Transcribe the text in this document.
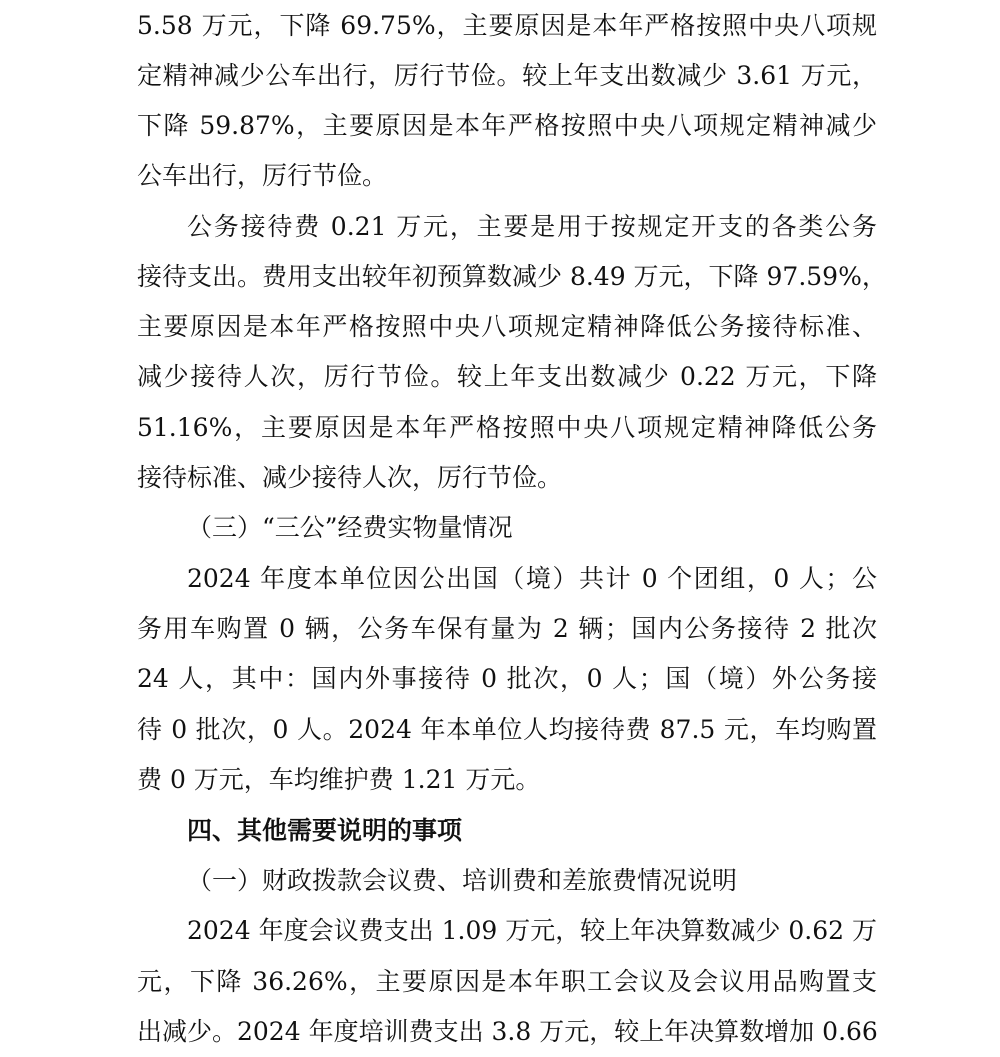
5.58 万元，下降 69.75%，主要原因是本年严格按照中央八项规
定精神减少公车出行，厉行节俭。较上年支出数减少 3.61 万元，
下降 59.87%，主要原因是本年严格按照中央八项规定精神减少
公车出行，厉行节俭。
公务接待费 0.21 万元，主要是用于按规定开支的各类公务
接待支出。费用支出较年初预算数减少 8.49 万元，下降 97.59%，
主要原因是本年严格按照中央八项规定精神降低公务接待标准、
减少接待人次，厉行节俭。较上年支出数减少 0.22 万元，下降
51.16%，主要原因是本年严格按照中央八项规定精神降低公务
接待标准、减少接待人次，厉行节俭。
（三）“三公”经费实物量情况
2024 年度本单位因公出国（境）共计 0 个团组，0 人；公
务用车购置 0 辆，公务车保有量为 2 辆；国内公务接待 2 批次
24 人，其中：国内外事接待 0 批次，0 人；国（境）外公务接
待 0 批次，0 人。2024 年本单位人均接待费 87.5 元，车均购置
费 0 万元，车均维护费 1.21 万元。
四、其他需要说明的事项
（一）财政拨款会议费、培训费和差旅费情况说明
2024 年度会议费支出 1.09 万元，较上年决算数减少 0.62 万
元，下降 36.26%，主要原因是本年职工会议及会议用品购置支
出减少。2024 年度培训费支出 3.8 万元，较上年决算数增加 0.66
